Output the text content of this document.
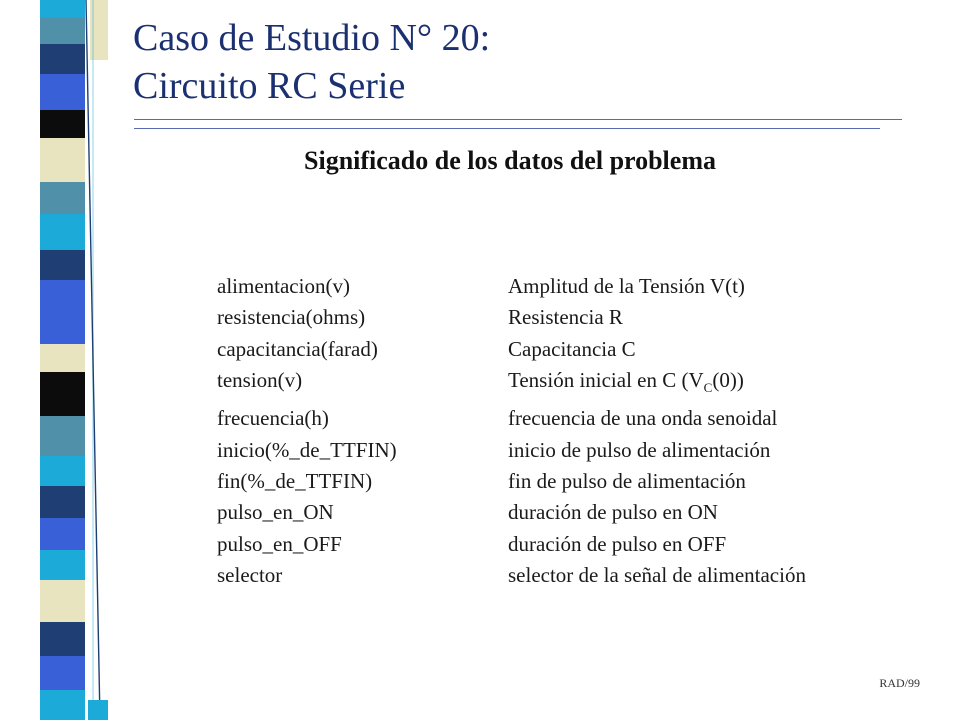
Caso de Estudio N° 20:
Circuito RC Serie
Significado de los datos del problema
alimentacion(v)	Amplitud de la Tensión V(t)
resistencia(ohms)	Resistencia R
capacitancia(farad)	Capacitancia C
tension(v)	Tensión inicial en C $(V_C(0))$
frecuencia(h)	frecuencia de una onda senoidal
inicio(%_de_TTFIN)	inicio de pulso de alimentación
fin(%_de_TTFIN)	fin de pulso de alimentación
pulso_en_ON	duración de pulso en ON
pulso_en_OFF	duración de pulso en OFF
selector	selector de la señal de alimentación
RAD/99
